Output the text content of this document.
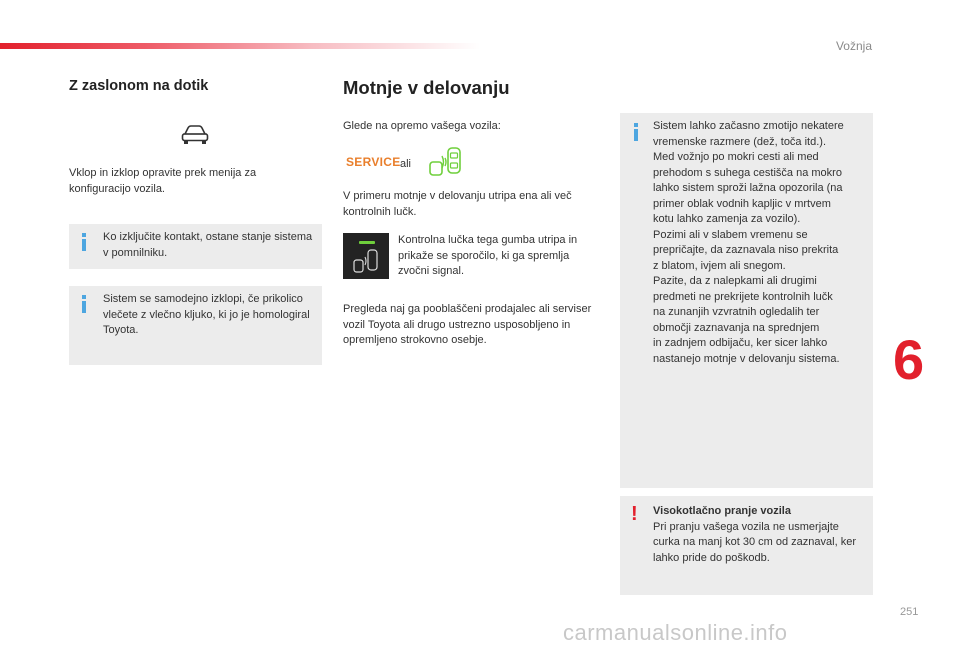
Vožnja
Z zaslonom na dotik

Vklop in izklop opravite prek menija za konfiguracijo vozila.

Ko izključite kontakt, ostane stanje sistema v pomnilniku.

Sistem se samodejno izklopi, če prikolico vlečete z vlečno kljuko, ki jo je homologiral Toyota.

Motnje v delovanju

Glede na opremo vašega vozila:

SERVICE ali

V primeru motnje v delovanju utripa ena ali več kontrolnih lučk.

Kontrolna lučka tega gumba utripa in prikaže se sporočilo, ki ga spremlja zvočni signal.

Pregleda naj ga pooblaščeni prodajalec ali serviser vozil Toyota ali drugo ustrezno usposobljeno in opremljeno strokovno osebje.

Sistem lahko začasno zmotijo nekatere
vremenske razmere (dež, toča itd.).
Med vožnjo po mokri cesti ali med
prehodom s suhega cestišča na mokro
lahko sistem sproži lažna opozorila (na
primer oblak vodnih kapljic v mrtvem
kotu lahko zamenja za vozilo).
Pozimi ali v slabem vremenu se
prepričajte, da zaznavala niso prekrita
z blatom, ivjem ali snegom.
Pazite, da z nalepkami ali drugimi
predmeti ne prekrijete kontrolnih lučk
na zunanjih vzvratnih ogledalih ter
območji zaznavanja na sprednjem
in zadnjem odbijaču, ker sicer lahko
nastanejo motnje v delovanju sistema.
! Visokotlačno pranje vozila
Pri pranju vašega vozila ne usmerjajte curka na manj kot 30 cm od zaznaval, ker lahko pride do poškodb.
6
251
carmanualsonline.info
